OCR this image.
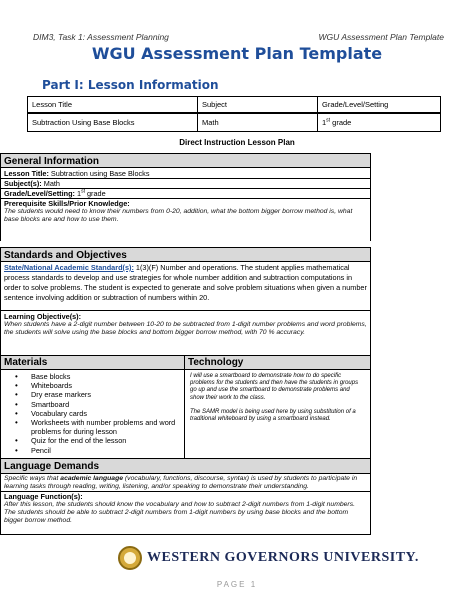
DIM3, Task 1: Assessment Planning	WGU Assessment Plan Template
WGU Assessment Plan Template
Part I: Lesson Information
Lesson Title	Subject	Grade/Level/Setting
Subtraction Using Base Blocks	Math	1st grade
Direct Instruction Lesson Plan
General Information
Lesson Title: Subtraction using Base Blocks
Subject(s): Math
Grade/Level/Setting: 1st grade
Prerequisite Skills/Prior Knowledge:
The students would need to know their numbers from 0-20, addition, what the bottom bigger borrow method is, what base blocks are and how to use them.
Standards and Objectives
State/National Academic Standard(s): 1(3)(F) Number and operations. The student applies mathematical process standards to develop and use strategies for whole number addition and subtraction computations in order to solve problems. The student is expected to generate and solve problem situations when given a number sentence involving addition or subtraction of numbers within 20.
Learning Objective(s):
When students have a 2-digit number between 10-20 to be subtracted from 1-digit number problems and word problems, the students will solve using the base blocks and bottom bigger borrow method, with 70 % accuracy.
Materials
• Base blocks
• Whiteboards
• Dry erase markers
• Smartboard
• Vocabulary cards
• Worksheets with number problems and word problems for during lesson
• Quiz for the end of the lesson
• Pencil
Technology

I will use a smartboard to demonstrate how to do specific problems for the students and then have the students in groups go up and use the smartboard to demonstrate problems and show their work to the class.

The SAMR model is being used here by using substitution of a traditional whiteboard by using a smartboard instead.

Language Demands
Specific ways that academic language (vocabulary, functions, discourse, syntax) is used by students to participate in learning tasks through reading, writing, listening, and/or speaking to demonstrate their understanding.
Language Function(s):
After this lesson, the students should know the vocabulary and how to subtract 2-digit numbers from 1-digit numbers. The students should be able to subtract 2-digit numbers from 1-digit numbers by using base blocks and the bottom bigger borrow method.
WESTERN GOVERNORS UNIVERSITY.
PAGE 1
